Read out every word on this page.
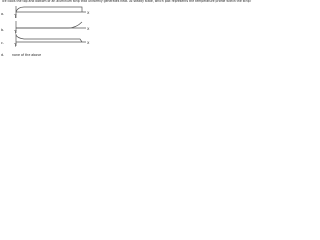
Ice cools the top and bottom of an aluminum strip that uniformly generates heat. At steady state, which plot represents the temperature profile within the strip?
a.	x
T
b.	x
T
c.	x
T
d. none of the above
